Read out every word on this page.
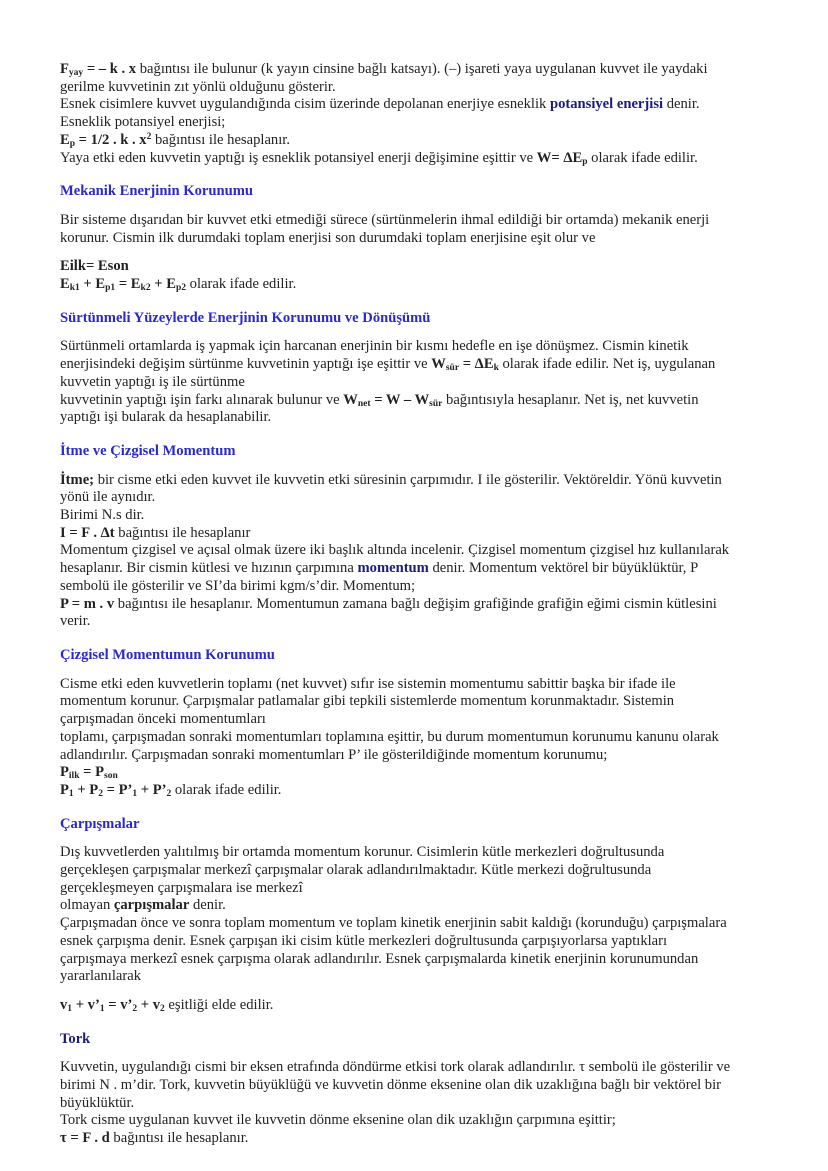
Fyay = – k . x bağıntısı ile bulunur (k yayın cinsine bağlı katsayı). (–) işareti yaya uygulanan kuvvet ile yaydaki
gerilme kuvvetinin zıt yönlü olduğunu gösterir.
Esnek cisimlere kuvvet uygulandığında cisim üzerinde depolanan enerjiye esneklik potansiyel enerjisi denir.
Esneklik potansiyel enerjisi;
Ep = 1/2 . k . $x^2$ bağıntısı ile hesaplanır.
Yaya etki eden kuvvetin yaptığı iş esneklik potansiyel enerji değişimine eşittir ve W= ΔEp olarak ifade edilir.
Mekanik Enerjinin Korunumu
Bir sisteme dışarıdan bir kuvvet etki etmediği sürece (sürtünmelerin ihmal edildiği bir ortamda) mekanik enerji
korunur. Cismin ilk durumdaki toplam enerjisi son durumdaki toplam enerjisine eşit olur ve
Eilk= Eson
Ek1 + Ep1 = Ek2 + Ep2 olarak ifade edilir.
Sürtünmeli Yüzeylerde Enerjinin Korunumu ve Dönüşümü
Sürtünmeli ortamlarda iş yapmak için harcanan enerjinin bir kısmı hedefle en işe dönüşmez. Cismin kinetik
enerjisindeki değişim sürtünme kuvvetinin yaptığı işe eşittir ve Wsür = ΔEk olarak ifade edilir. Net iş, uygulanan
kuvvetin yaptığı iş ile sürtünme
kuvvetinin yaptığı işin farkı alınarak bulunur ve Wnet = W – Wsür bağıntısıyla hesaplanır. Net iş, net kuvvetin
yaptığı işi bularak da hesaplanabilir.
İtme ve Çizgisel Momentum
İtme; bir cisme etki eden kuvvet ile kuvvetin etki süresinin çarpımıdır. I ile gösterilir. Vektöreldir. Yönü kuvvetin
yönü ile aynıdır.
Birimi N.s dir.
I = F . Δt bağıntısı ile hesaplanır
Momentum çizgisel ve açısal olmak üzere iki başlık altında incelenir. Çizgisel momentum çizgisel hız kullanılarak
hesaplanır. Bir cismin kütlesi ve hızının çarpımına momentum denir. Momentum vektörel bir büyüklüktür, P
sembolü ile gösterilir ve SI’da birimi kgm/s’dir. Momentum;
P = m . v bağıntısı ile hesaplanır. Momentumun zamana bağlı değişim grafiğinde grafiğin eğimi cismin kütlesini
verir.
Çizgisel Momentumun Korunumu
Cisme etki eden kuvvetlerin toplamı (net kuvvet) sıfır ise sistemin momentumu sabittir başka bir ifade ile
momentum korunur. Çarpışmalar patlamalar gibi tepkili sistemlerde momentum korunmaktadır. Sistemin
çarpışmadan önceki momentumları
toplamı, çarpışmadan sonraki momentumları toplamına eşittir, bu durum momentumun korunumu kanunu olarak
adlandırılır. Çarpışmadan sonraki momentumları P’ ile gösterildiğinde momentum korunumu;
Pilk = Pson
P1 + P2 = P’1 + P’2 olarak ifade edilir.
Çarpışmalar
Dış kuvvetlerden yalıtılmış bir ortamda momentum korunur. Cisimlerin kütle merkezleri doğrultusunda
gerçekleşen çarpışmalar merkezî çarpışmalar olarak adlandırılmaktadır. Kütle merkezi doğrultusunda
gerçekleşmeyen çarpışmalara ise merkezî
olmayan çarpışmalar denir.
Çarpışmadan önce ve sonra toplam momentum ve toplam kinetik enerjinin sabit kaldığı (korunduğu) çarpışmalara
esnek çarpışma denir. Esnek çarpışan iki cisim kütle merkezleri doğrultusunda çarpışıyorlarsa yaptıkları
çarpışmaya merkezî esnek çarpışma olarak adlandırılır. Esnek çarpışmalarda kinetik enerjinin korunumundan
yararlanılarak
v1 + v’1 = v’2 + v2 eşitliği elde edilir.
Tork
Kuvvetin, uygulandığı cismi bir eksen etrafında döndürme etkisi tork olarak adlandırılır. τ sembolü ile gösterilir ve
birimi N . m’dir. Tork, kuvvetin büyüklüğü ve kuvvetin dönme eksenine olan dik uzaklığına bağlı bir vektörel bir
büyüklüktür.
Tork cisme uygulanan kuvvet ile kuvvetin dönme eksenine olan dik uzaklığın çarpımına eşittir;
τ = F . d bağıntısı ile hesaplanır.
